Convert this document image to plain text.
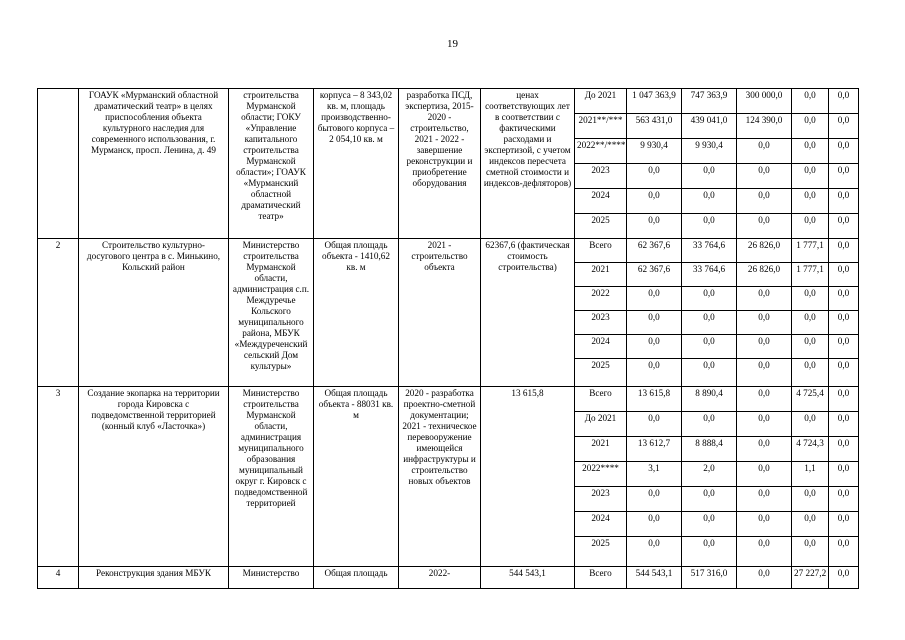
19
	ГОАУК «Мурманский областной драматический театр» в целях приспособления объекта культурного наследия для современного использования, г. Мурманск, просп. Ленина, д. 49	строительства Мурманской области; ГОКУ «Управление капитального строительства Мурманской области»; ГОАУК «Мурманский областной драматический театр»	корпуса – 8 343,02 кв. м, площадь производственно-бытового корпуса – 2 054,10 кв. м	разработка ПСД, экспертиза, 2015-2020 - строительство, 2021 - 2022 - завершение реконструкции и приобретение оборудования	ценах соответствующих лет в соответствии с фактическими расходами и экспертизой, с учетом индексов пересчета сметной стоимости и индексов-дефляторов)	До 2021	1 047 363,9	747 363,9	300 000,0	0,0	0,0
						2021**/***	563 431,0	439 041,0	124 390,0	0,0	0,0
						2022**/****	9 930,4	9 930,4	0,0	0,0	0,0
						2023	0,0	0,0	0,0	0,0	0,0
						2024	0,0	0,0	0,0	0,0	0,0
						2025	0,0	0,0	0,0	0,0	0,0
2	Строительство культурно-досугового центра в с. Минькино, Кольский район	Министерство строительства Мурманской области, администрация с.п. Междуречье Кольского муниципального района, МБУК «Междуреченский сельский Дом культуры»	Общая площадь объекта - 1410,62 кв. м	2021 - строительство объекта	62367,6 (фактическая стоимость строительства)	Всего	62 367,6	33 764,6	26 826,0	1 777,1	0,0
						2021	62 367,6	33 764,6	26 826,0	1 777,1	0,0
						2022	0,0	0,0	0,0	0,0	0,0
						2023	0,0	0,0	0,0	0,0	0,0
						2024	0,0	0,0	0,0	0,0	0,0
						2025	0,0	0,0	0,0	0,0	0,0
3	Создание экопарка на территории города Кировска с подведомственной территорией (конный клуб «Ласточка»)	Министерство строительства Мурманской области, администрация муниципального образования муниципальный округ г. Кировск с подведомственной территорией	Общая площадь объекта - 88031 кв. м	2020 - разработка проектно-сметной документации; 2021 - техническое перевооружение имеющейся инфраструктуры и строительство новых объектов	13 615,8	Всего	13 615,8	8 890,4	0,0	4 725,4	0,0
						До 2021	0,0	0,0	0,0	0,0	0,0
						2021	13 612,7	8 888,4	0,0	4 724,3	0,0
						2022****	3,1	2,0	0,0	1,1	0,0
						2023	0,0	0,0	0,0	0,0	0,0
						2024	0,0	0,0	0,0	0,0	0,0
						2025	0,0	0,0	0,0	0,0	0,0
4	Реконструкция здания МБУК	Министерство	Общая площадь	2022-	544 543,1	Всего	544 543,1	517 316,0	0,0	27 227,2	0,0
